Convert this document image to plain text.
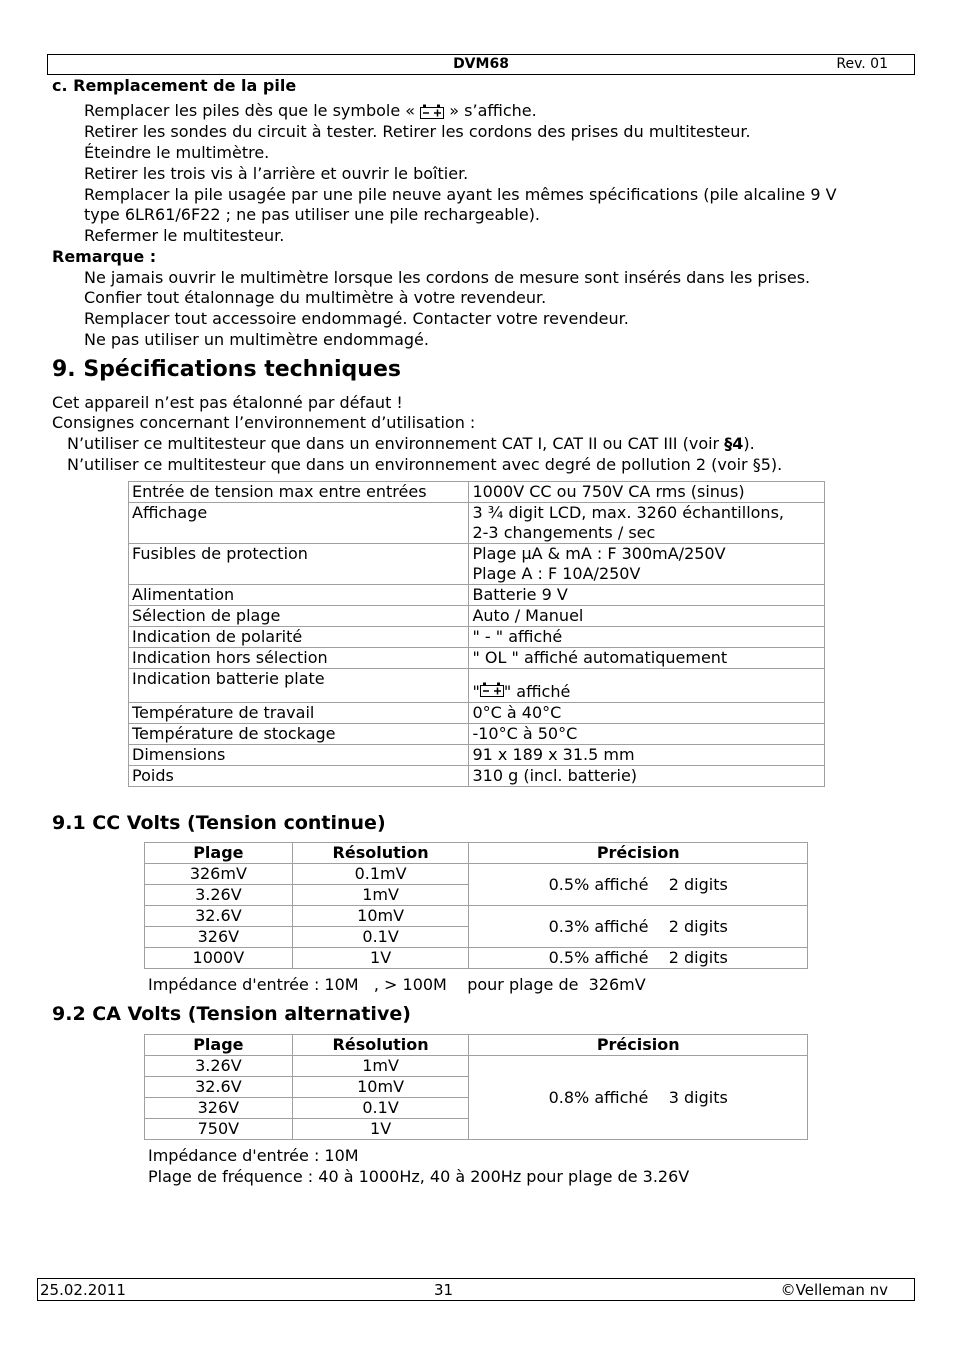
DVM68	Rev. 01
c. Remplacement de la pile
Remplacer les piles dès que le symbole « » s’affiche.
Retirer les sondes du circuit à tester. Retirer les cordons des prises du multitesteur.
Éteindre le multimètre.
Retirer les trois vis à l’arrière et ouvrir le boîtier.
Remplacer la pile usagée par une pile neuve ayant les mêmes spécifications (pile alcaline 9 V
type 6LR61/6F22 ; ne pas utiliser une pile rechargeable).
Refermer le multitesteur.
Remarque :
Ne jamais ouvrir le multimètre lorsque les cordons de mesure sont insérés dans les prises.
Confier tout étalonnage du multimètre à votre revendeur.
Remplacer tout accessoire endommagé. Contacter votre revendeur.
Ne pas utiliser un multimètre endommagé.
9. Spécifications techniques
Cet appareil n’est pas étalonné par défaut !
Consignes concernant l’environnement d’utilisation :
N’utiliser ce multitesteur que dans un environnement CAT I, CAT II ou CAT III (voir §4).
N’utiliser ce multitesteur que dans un environnement avec degré de pollution 2 (voir §5).
Entrée de tension max entre entrées	1000V CC ou 750V CA rms (sinus)
Affichage	3 ¾ digit LCD, max. 3260 échantillons,
2-3 changements / sec

Fusibles de protection	Plage µA & mA : F 300mA/250V
Plage A : F 10A/250V

Alimentation	Batterie 9 V
Sélection de plage	Auto / Manuel
Indication de polarité	" - " affiché
Indication hors sélection	" OL " affiché automatiquement
Indication batterie plate	" " affiché
Température de travail	0°C à 40°C
Température de stockage	-10°C à 50°C
Dimensions	91 x 189 x 31.5 mm
Poids	310 g (incl. batterie)
9.1 CC Volts (Tension continue)
Plage	Résolution	Précision
326mV	0.1mV	0.5% affiché    2 digits
3.26V	1mV	
32.6V	10mV	0.3% affiché    2 digits
326V	0.1V	
1000V	1V	0.5% affiché    2 digits
Impédance d'entrée : 10M   , > 100M    pour plage de  326mV
9.2 CA Volts (Tension alternative)
Plage	Résolution	Précision
3.26V	1mV	0.8% affiché    3 digits
32.6V	10mV	
326V	0.1V	
750V	1V	
Impédance d'entrée : 10M
Plage de fréquence : 40 à 1000Hz, 40 à 200Hz pour plage de 3.26V
25.02.2011	31	©Velleman nv
